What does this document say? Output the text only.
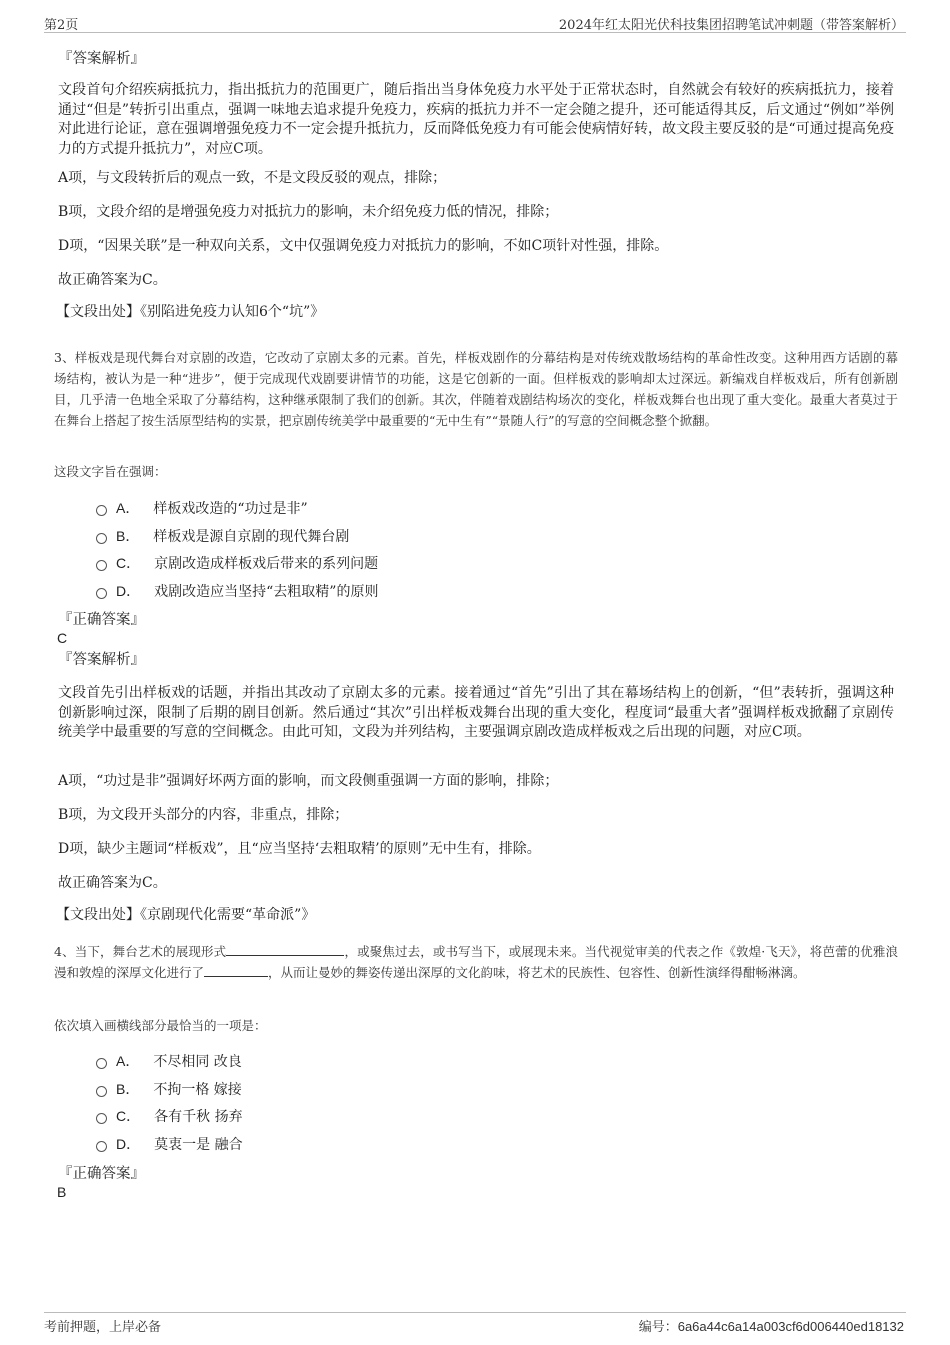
第2页	2024年红太阳光伏科技集团招聘笔试冲刺题（带答案解析）
『答案解析』
文段首句介绍疾病抵抗力，指出抵抗力的范围更广，随后指出当身体免疫力水平处于正常状态时，自然就会有较好的疾病抵抗力，接着通过“但是”转折引出重点，强调一味地去追求提升免疫力，疾病的抵抗力并不一定会随之提升，还可能适得其反，后文通过“例如”举例对此进行论证，意在强调增强免疫力不一定会提升抵抗力，反而降低免疫力有可能会使病情好转，故文段主要反驳的是“可通过提高免疫力的方式提升抵抗力”，对应C项。
A项，与文段转折后的观点一致，不是文段反驳的观点，排除；
B项，文段介绍的是增强免疫力对抵抗力的影响，未介绍免疫力低的情况，排除；
D项，“因果关联”是一种双向关系，文中仅强调免疫力对抵抗力的影响，不如C项针对性强，排除。
故正确答案为C。
【文段出处】《别陷进免疫力认知6个“坑”》
3、样板戏是现代舞台对京剧的改造，它改动了京剧太多的元素。首先，样板戏剧作的分幕结构是对传统戏散场结构的革命性改变。这种用西方话剧的幕场结构，被认为是一种“进步”，便于完成现代戏剧要讲情节的功能，这是它创新的一面。但样板戏的影响却太过深远。新编戏自样板戏后，所有创新剧目，几乎清一色地全采取了分幕结构，这种继承限制了我们的创新。其次，伴随着戏剧结构场次的变化，样板戏舞台也出现了重大变化。最重大者莫过于在舞台上搭起了按生活原型结构的实景，把京剧传统美学中最重要的“无中生有”“景随人行”的写意的空间概念整个掀翻。
这段文字旨在强调：
A． 样板戏改造的“功过是非”
B． 样板戏是源自京剧的现代舞台剧
C． 京剧改造成样板戏后带来的系列问题
D． 戏剧改造应当坚持“去粗取精”的原则
『正确答案』
C
『答案解析』
文段首先引出样板戏的话题，并指出其改动了京剧太多的元素。接着通过“首先”引出了其在幕场结构上的创新，“但”表转折，强调这种创新影响过深，限制了后期的剧目创新。然后通过“其次”引出样板戏舞台出现的重大变化，程度词“最重大者”强调样板戏掀翻了京剧传统美学中最重要的写意的空间概念。由此可知，文段为并列结构，主要强调京剧改造成样板戏之后出现的问题，对应C项。
A项，“功过是非”强调好坏两方面的影响，而文段侧重强调一方面的影响，排除；
B项，为文段开头部分的内容，非重点，排除；
D项，缺少主题词“样板戏”，且“应当坚持‘去粗取精’的原则”无中生有，排除。
故正确答案为C。
【文段出处】《京剧现代化需要“革命派”》
4、当下，舞台艺术的展现形式	，或聚焦过去，或书写当下，或展现未来。当代视觉审美的代表之作《敦煌·飞天》，将芭蕾的优雅浪漫和敦煌的深厚文化进行了	，从而让曼妙的舞姿传递出深厚的文化韵味，将艺术的民族性、包容性、创新性演绎得酣畅淋漓。
依次填入画横线部分最恰当的一项是：
A． 不尽相同 改良
B． 不拘一格 嫁接
C． 各有千秋 扬弃
D． 莫衷一是 融合
『正确答案』
B
考前押题，上岸必备	编号：6a6a44c6a14a003cf6d006440ed18132
